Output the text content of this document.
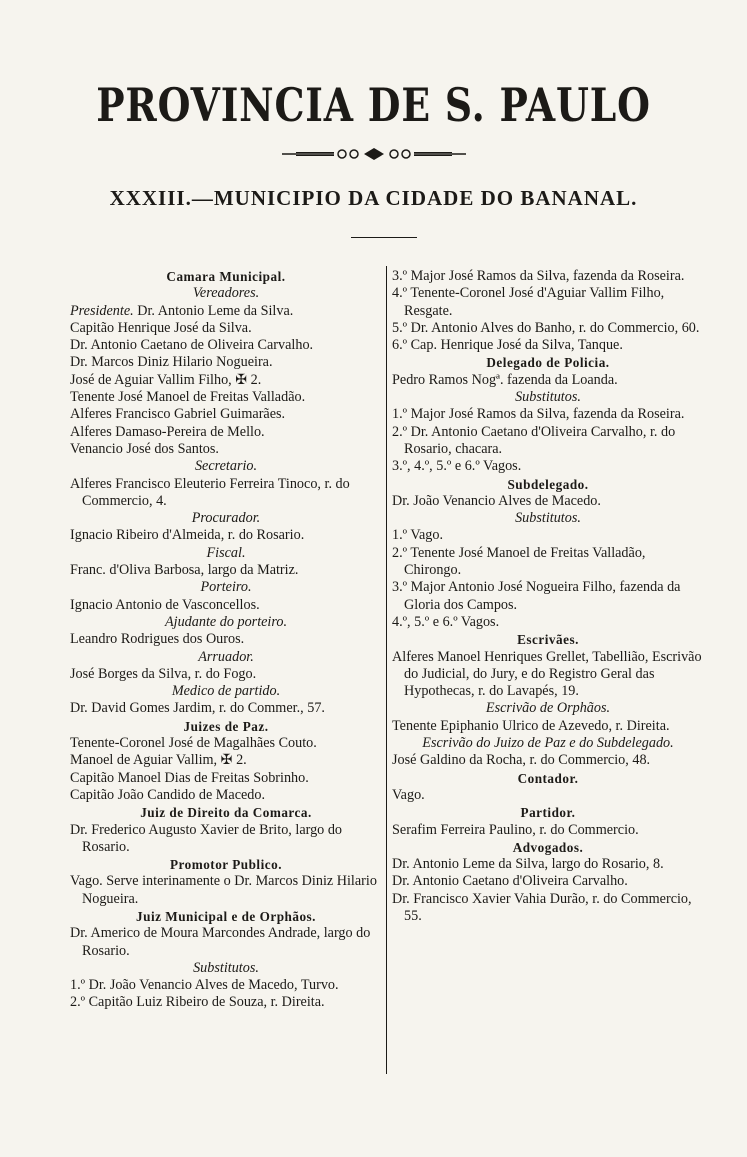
PROVINCIA DE S. PAULO
XXXIII.—MUNICIPIO DA CIDADE DO BANANAL.
Camara Municipal.
Vereadores.
Presidente. Dr. Antonio Leme da Silva.
Capitão Henrique José da Silva.
Dr. Antonio Caetano de Oliveira Carvalho.
Dr. Marcos Diniz Hilario Nogueira.
José de Aguiar Vallim Filho, ✠ 2.
Tenente José Manoel de Freitas Valladão.
Alferes Francisco Gabriel Guimarães.
Alferes Damaso-Pereira de Mello.
Venancio José dos Santos.
Secretario.
Alferes Francisco Eleuterio Ferreira Tinoco, r. do Commercio, 4.
Procurador.
Ignacio Ribeiro d'Almeida, r. do Rosario.
Fiscal.
Franc. d'Oliva Barbosa, largo da Matriz.
Porteiro.
Ignacio Antonio de Vasconcellos.
Ajudante do porteiro.
Leandro Rodrigues dos Ouros.
Arruador.
José Borges da Silva, r. do Fogo.
Medico de partido.
Dr. David Gomes Jardim, r. do Commer., 57.
Juizes de Paz.
Tenente-Coronel José de Magalhães Couto.
Manoel de Aguiar Vallim, ✠ 2.
Capitão Manoel Dias de Freitas Sobrinho.
Capitão João Candido de Macedo.
Juiz de Direito da Comarca.
Dr. Frederico Augusto Xavier de Brito, largo do Rosario.
Promotor Publico.
Vago. Serve interinamente o Dr. Marcos Diniz Hilario Nogueira.
Juiz Municipal e de Orphãos.
Dr. Americo de Moura Marcondes Andrade, largo do Rosario.
Substitutos.
1.º Dr. João Venancio Alves de Macedo, Turvo.
2.º Capitão Luiz Ribeiro de Souza, r. Direita.
3.º Major José Ramos da Silva, fazenda da Roseira.
4.º Tenente-Coronel José d'Aguiar Vallim Filho, Resgate.
5.º Dr. Antonio Alves do Banho, r. do Commercio, 60.
6.º Cap. Henrique José da Silva, Tanque.
Delegado de Policia.
Pedro Ramos Nogª. fazenda da Loanda.
Substitutos.
1.º Major José Ramos da Silva, fazenda da Roseira.
2.º Dr. Antonio Caetano d'Oliveira Carvalho, r. do Rosario, chacara.
3.º, 4.º, 5.º e 6.º Vagos.
Subdelegado.
Dr. João Venancio Alves de Macedo.
Substitutos.
1.º Vago.
2.º Tenente José Manoel de Freitas Valladão, Chirongo.
3.º Major Antonio José Nogueira Filho, fazenda da Gloria dos Campos.
4.º, 5.º e 6.º Vagos.
Escrivães.
Alferes Manoel Henriques Grellet, Tabellião, Escrivão do Judicial, do Jury, e do Registro Geral das Hypothecas, r. do Lavapés, 19.
Escrivão de Orphãos.
Tenente Epiphanio Ulrico de Azevedo, r. Direita.
Escrivão do Juizo de Paz e do Subdelegado.
José Galdino da Rocha, r. do Commercio, 48.
Contador.
Vago.
Partidor.
Serafim Ferreira Paulino, r. do Commercio.
Advogados.
Dr. Antonio Leme da Silva, largo do Rosario, 8.
Dr. Antonio Caetano d'Oliveira Carvalho.
Dr. Francisco Xavier Vahia Durão, r. do Commercio, 55.
